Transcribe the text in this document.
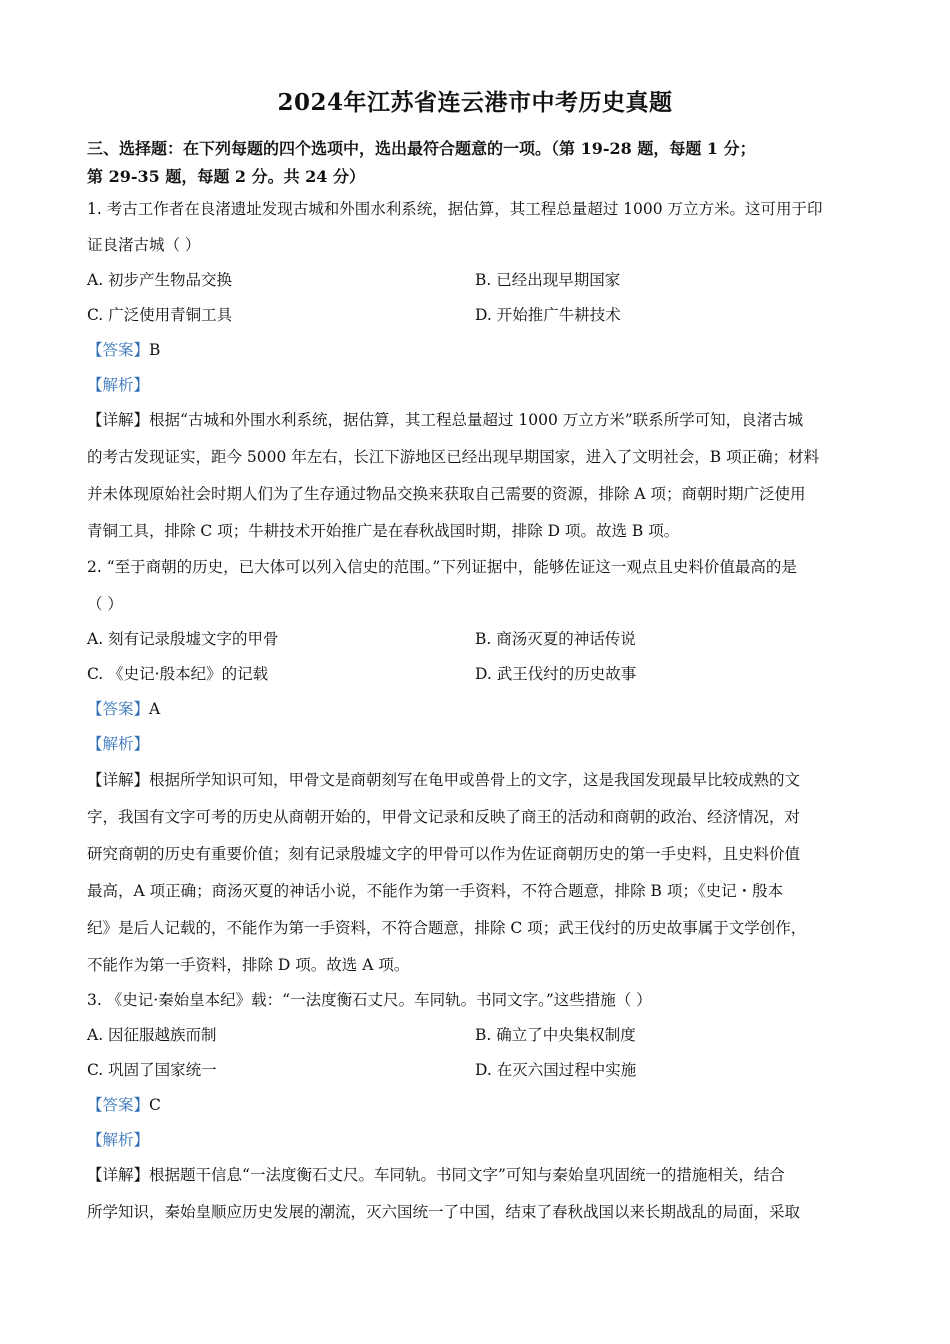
2024年江苏省连云港市中考历史真题
三、选择题：在下列每题的四个选项中，选出最符合题意的一项。（第 19-28 题，每题 1 分；
第 29-35 题，每题 2 分。共 24 分）
1. 考古工作者在良渚遗址发现古城和外围水利系统，据估算，其工程总量超过 1000 万立方米。这可用于印
证良渚古城（ ）
A. 初步产生物品交换	B. 已经出现早期国家
C. 广泛使用青铜工具	D. 开始推广牛耕技术
【答案】B
【解析】
【详解】根据“古城和外围水利系统，据估算，其工程总量超过 1000 万立方米”联系所学可知，良渚古城
的考古发现证实，距今 5000 年左右，长江下游地区已经出现早期国家，进入了文明社会，B 项正确；材料
并未体现原始社会时期人们为了生存通过物品交换来获取自己需要的资源，排除 A 项；商朝时期广泛使用
青铜工具，排除 C 项；牛耕技术开始推广是在春秋战国时期，排除 D 项。故选 B 项。
2. “至于商朝的历史，已大体可以列入信史的范围。”下列证据中，能够佐证这一观点且史料价值最高的是
（ ）
A. 刻有记录殷墟文字的甲骨	B. 商汤灭夏的神话传说
C. 《史记·殷本纪》的记载	D. 武王伐纣的历史故事
【答案】A
【解析】
【详解】根据所学知识可知，甲骨文是商朝刻写在龟甲或兽骨上的文字，这是我国发现最早比较成熟的文
字，我国有文字可考的历史从商朝开始的，甲骨文记录和反映了商王的活动和商朝的政治、经济情况，对
研究商朝的历史有重要价值；刻有记录殷墟文字的甲骨可以作为佐证商朝历史的第一手史料，且史料价值
最高，A 项正确；商汤灭夏的神话小说，不能作为第一手资料，不符合题意，排除 B 项；《史记・殷本
纪》是后人记载的，不能作为第一手资料，不符合题意，排除 C 项；武王伐纣的历史故事属于文学创作，
不能作为第一手资料，排除 D 项。故选 A 项。
3. 《史记·秦始皇本纪》载：“一法度衡石丈尺。车同轨。书同文字。”这些措施（ ）
A. 因征服越族而制	B. 确立了中央集权制度
C. 巩固了国家统一	D. 在灭六国过程中实施
【答案】C
【解析】
【详解】根据题干信息“一法度衡石丈尺。车同轨。书同文字”可知与秦始皇巩固统一的措施相关，结合
所学知识，秦始皇顺应历史发展的潮流，灭六国统一了中国，结束了春秋战国以来长期战乱的局面，采取
